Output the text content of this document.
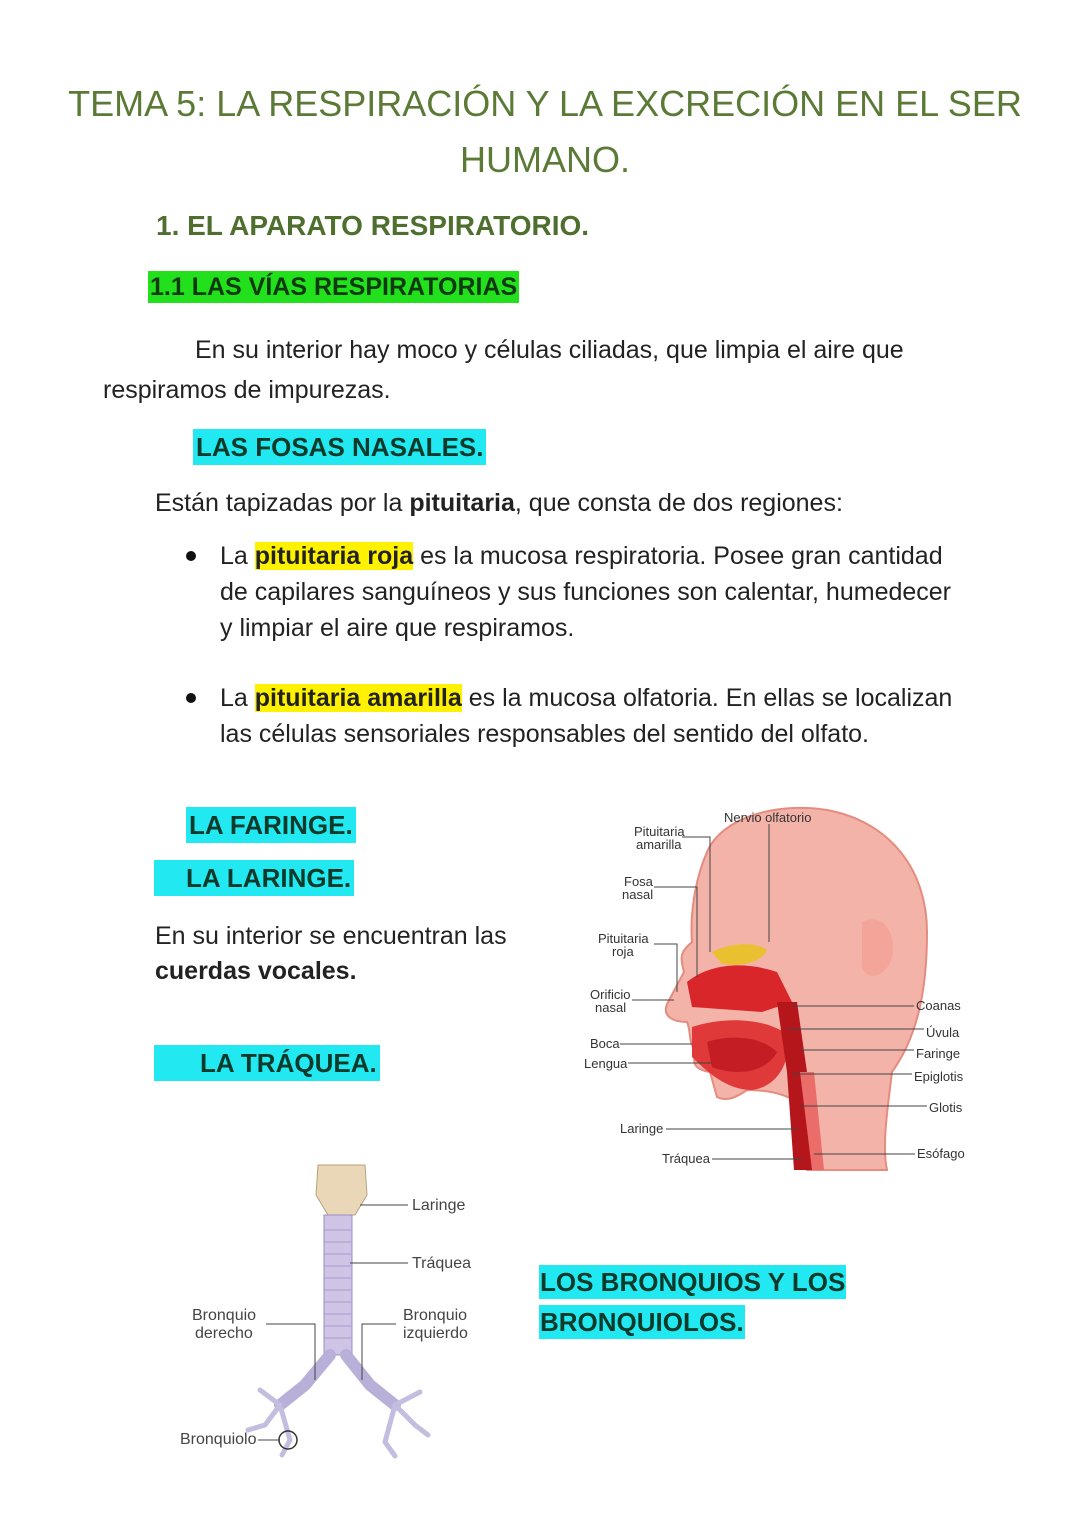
TEMA 5: LA RESPIRACIÓN Y LA EXCRECIÓN EN EL SER
HUMANO.
1. EL APARATO RESPIRATORIO.
1.1 LAS VÍAS RESPIRATORIAS
En su interior hay moco y células ciliadas, que limpia el aire que
respiramos de impurezas.
LAS FOSAS NASALES.
Están tapizadas por la pituitaria, que consta de dos regiones:
La pituitaria roja es la mucosa respiratoria. Posee gran cantidad
de capilares sanguíneos y sus funciones son calentar, humedecer
y limpiar el aire que respiramos.
La pituitaria amarilla es la mucosa olfatoria. En ellas se localizan
las células sensoriales responsables del sentido del olfato.
LA FARINGE.
LA LARINGE.
En su interior se encuentran las
cuerdas vocales.
LA TRÁQUEA.
Nervio olfatorio
Pituitaria
amarilla
Fosa
nasal
Pituitaria
roja
Orificio
nasal
Boca
Lengua
Laringe
Tráquea
Coanas
Úvula
Faringe
Epiglotis
Glotis
Esófago
Laringe
Tráquea
Bronquio
derecho
Bronquio
izquierdo
Bronquiolo
LOS BRONQUIOS Y LOS
BRONQUIOLOS.
